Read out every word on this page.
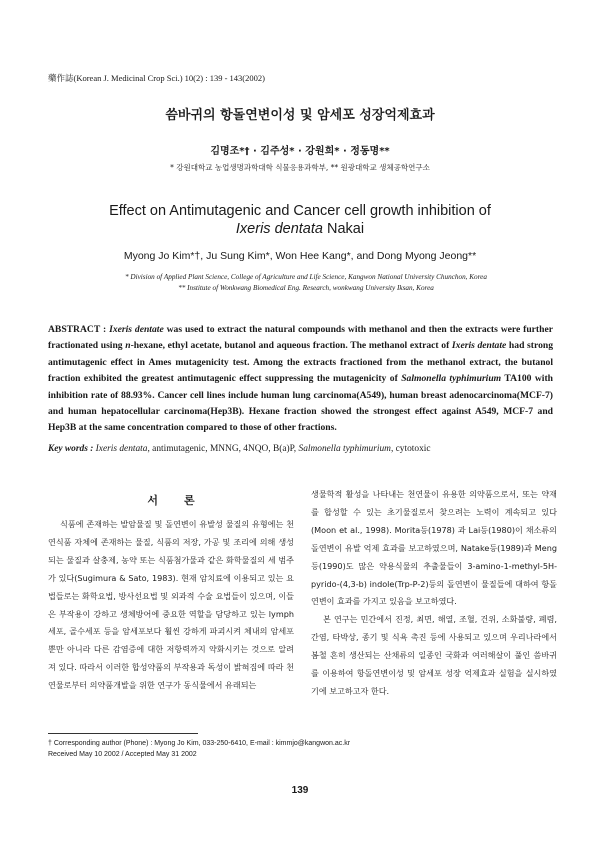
藥作誌(Korean J. Medicinal Crop Sci.) 10(2) : 139 - 143(2002)
씀바귀의 항돌연변이성 및 암세포 성장억제효과
김명조*† · 김주성* · 강원희* · 정동명**
* 강원대학교 농업생명과학대학 식물응용과학부, ** 원광대학교 생체공학연구소
Effect on Antimutagenic and Cancer cell growth inhibition of
Ixeris dentata Nakai
Myong Jo Kim*†, Ju Sung Kim*, Won Hee Kang*, and Dong Myong Jeong**
* Division of Applied Plant Science, College of Agriculture and Life Science, Kangwon National University Chunchon, Korea
** Institute of Wonkwang Biomedical Eng. Research, wonkwang University Iksan, Korea
ABSTRACT : Ixeris dentate was used to extract the natural compounds with methanol and then the extracts were further fractionated using n-hexane, ethyl acetate, butanol and aqueous fraction. The methanol extract of Ixeris dentate had strong antimutagenic effect in Ames mutagenicity test. Among the extracts fractioned from the methanol extract, the butanol fraction exhibited the greatest antimutagenic effect suppressing the mutagenicity of Salmonella typhimurium TA100 with inhibition rate of 88.93%. Cancer cell lines include human lung carcinoma(A549), human breast adenocarcinoma(MCF-7) and human hepatocellular carcinoma(Hep3B). Hexane fraction showed the strongest effect against A549, MCF-7 and Hep3B at the same concentration compared to those of other fractions.
Key words : Ixeris dentata, antimutagenic, MNNG, 4NQO, B(a)P, Salmonella typhimurium, cytotoxic
서론

식품에 존재하는 발암물질 및 돌연변이 유발성 물질의 유형에는 천연식품 자체에 존재하는 물질, 식품의 저장, 가공 및 조리에 의해 생성되는 물질과 살충제, 농약 또는 식품첨가물과 같은 화학물질의 세 범주가 있다(Sugimura & Sato, 1983). 현재 암치료에 이용되고 있는 요법들로는 화학요법, 방사선요법 및 외과적 수술 요법들이 있으며, 이들은 부작용이 강하고 생체방어에 중요한 역할을 담당하고 있는 lymph세포, 골수세포 등을 암세포보다 훨씬 강하게 파괴시켜 체내의 암세포 뿐만 아니라 다른 감염증에 대한 저항력까지 약화시키는 것으로 알려져 있다. 따라서 이러한 합성약품의 부작용과 독성이 밝혀짐에 따라 천연물로부터 의약품개발을 위한 연구가 동식물에서 유래되는

생물학적 활성을 나타내는 천연물이 유용한 의약품으로서, 또는 약재를 합성할 수 있는 초기물질로서 찾으려는 노력이 계속되고 있다(Moon et al., 1998). Morita등(1978) 과 Lai등(1980)이 채소류의 돌연변이 유발 억제 효과를 보고하였으며, Natake등(1989)과 Meng등(1990)도 많은 약용식물의 추출물들이 3-amino-1-methyl-5H-pyrido-(4,3-b) indole(Trp-P-2)등의 돌연변이 물질들에 대하여 항돌연변이 효과를 가지고 있음을 보고하였다.

본 연구는 민간에서 진정, 최면, 해열, 조혈, 건위, 소화불량, 폐렴, 간염, 타박상, 종기 및 식욕 촉진 등에 사용되고 있으며 우리나라에서 봄철 흔히 생산되는 산채류의 일종인 국화과 여러해살이 풀인 씀바귀를 이용하여 항돌연변이성 및 암세포 성장 억제효과 실험을 실시하였기에 보고하고자 한다.

† Corresponding author (Phone) : Myong Jo Kim, 033-250-6410, E-mail : kimmjo@kangwon.ac.kr
Received May 10 2002 / Accepted May 31 2002
139
